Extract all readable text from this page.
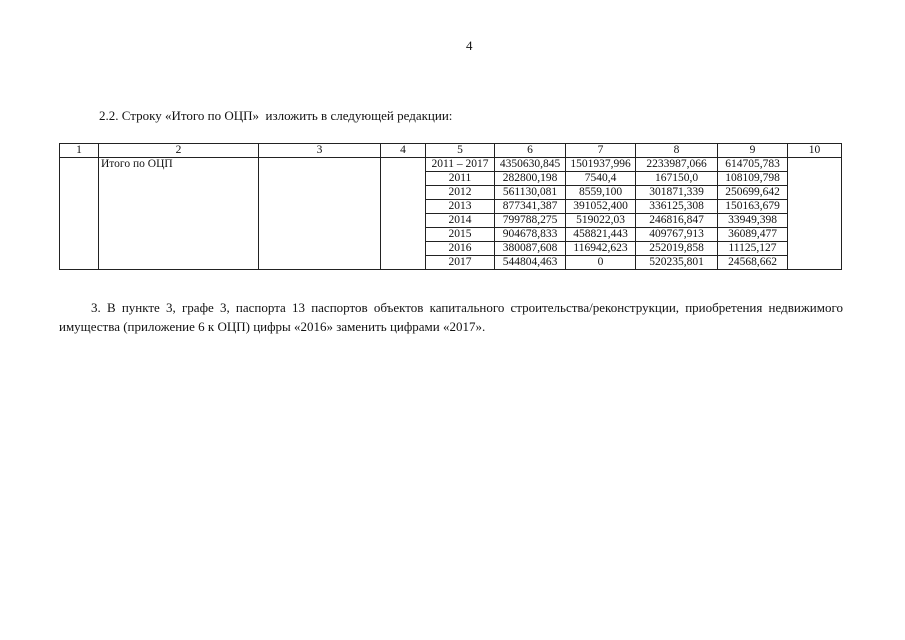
4
2.2. Строку «Итого по ОЦП»  изложить в следующей редакции:
1	2	3	4	5	6	7	8	9	10
	Итого по ОЦП			2011 – 2017	4350630,845	1501937,996	2233987,066	614705,783	
				2011	282800,198	7540,4	167150,0	108109,798	
				2012	561130,081	8559,100	301871,339	250699,642	
				2013	877341,387	391052,400	336125,308	150163,679	
				2014	799788,275	519022,03	246816,847	33949,398	
				2015	904678,833	458821,443	409767,913	36089,477	
				2016	380087,608	116942,623	252019,858	11125,127	
				2017	544804,463	0	520235,801	24568,662	
3. В пункте 3, графе 3, паспорта 13 паспортов объектов капитального строительства/реконструкции, приобретения недвижимого имущества (приложение 6 к ОЦП) цифры «2016» заменить цифрами «2017».
